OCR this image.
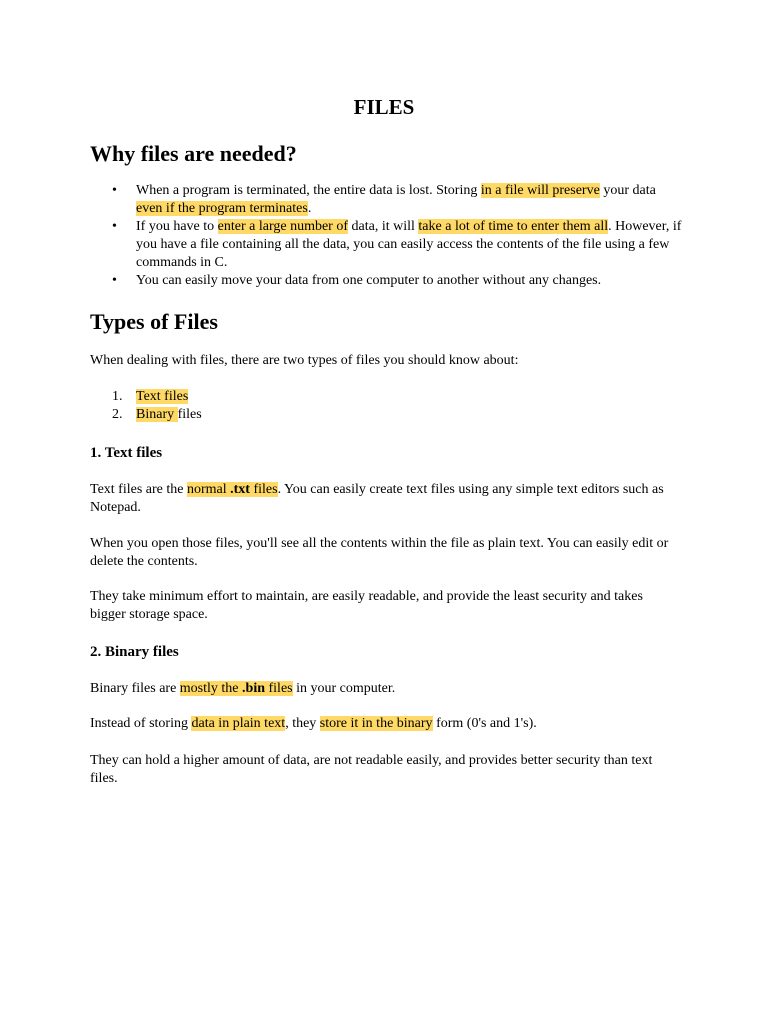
FILES
Why files are needed?
• When a program is terminated, the entire data is lost. Storing in a file will preserve your data even if the program terminates.
• If you have to enter a large number of data, it will take a lot of time to enter them all. However, if you have a file containing all the data, you can easily access the contents of the file using a few commands in C.
• You can easily move your data from one computer to another without any changes.
Types of Files

When dealing with files, there are two types of files you should know about:

1. Text files
2. Binary files
1. Text files

Text files are the normal .txt files. You can easily create text files using any simple text editors such as Notepad.

When you open those files, you'll see all the contents within the file as plain text. You can easily edit or delete the contents.

They take minimum effort to maintain, are easily readable, and provide the least security and takes bigger storage space.

2. Binary files

Binary files are mostly the .bin files in your computer.

Instead of storing data in plain text, they store it in the binary form (0's and 1's).

They can hold a higher amount of data, are not readable easily, and provides better security than text files.
